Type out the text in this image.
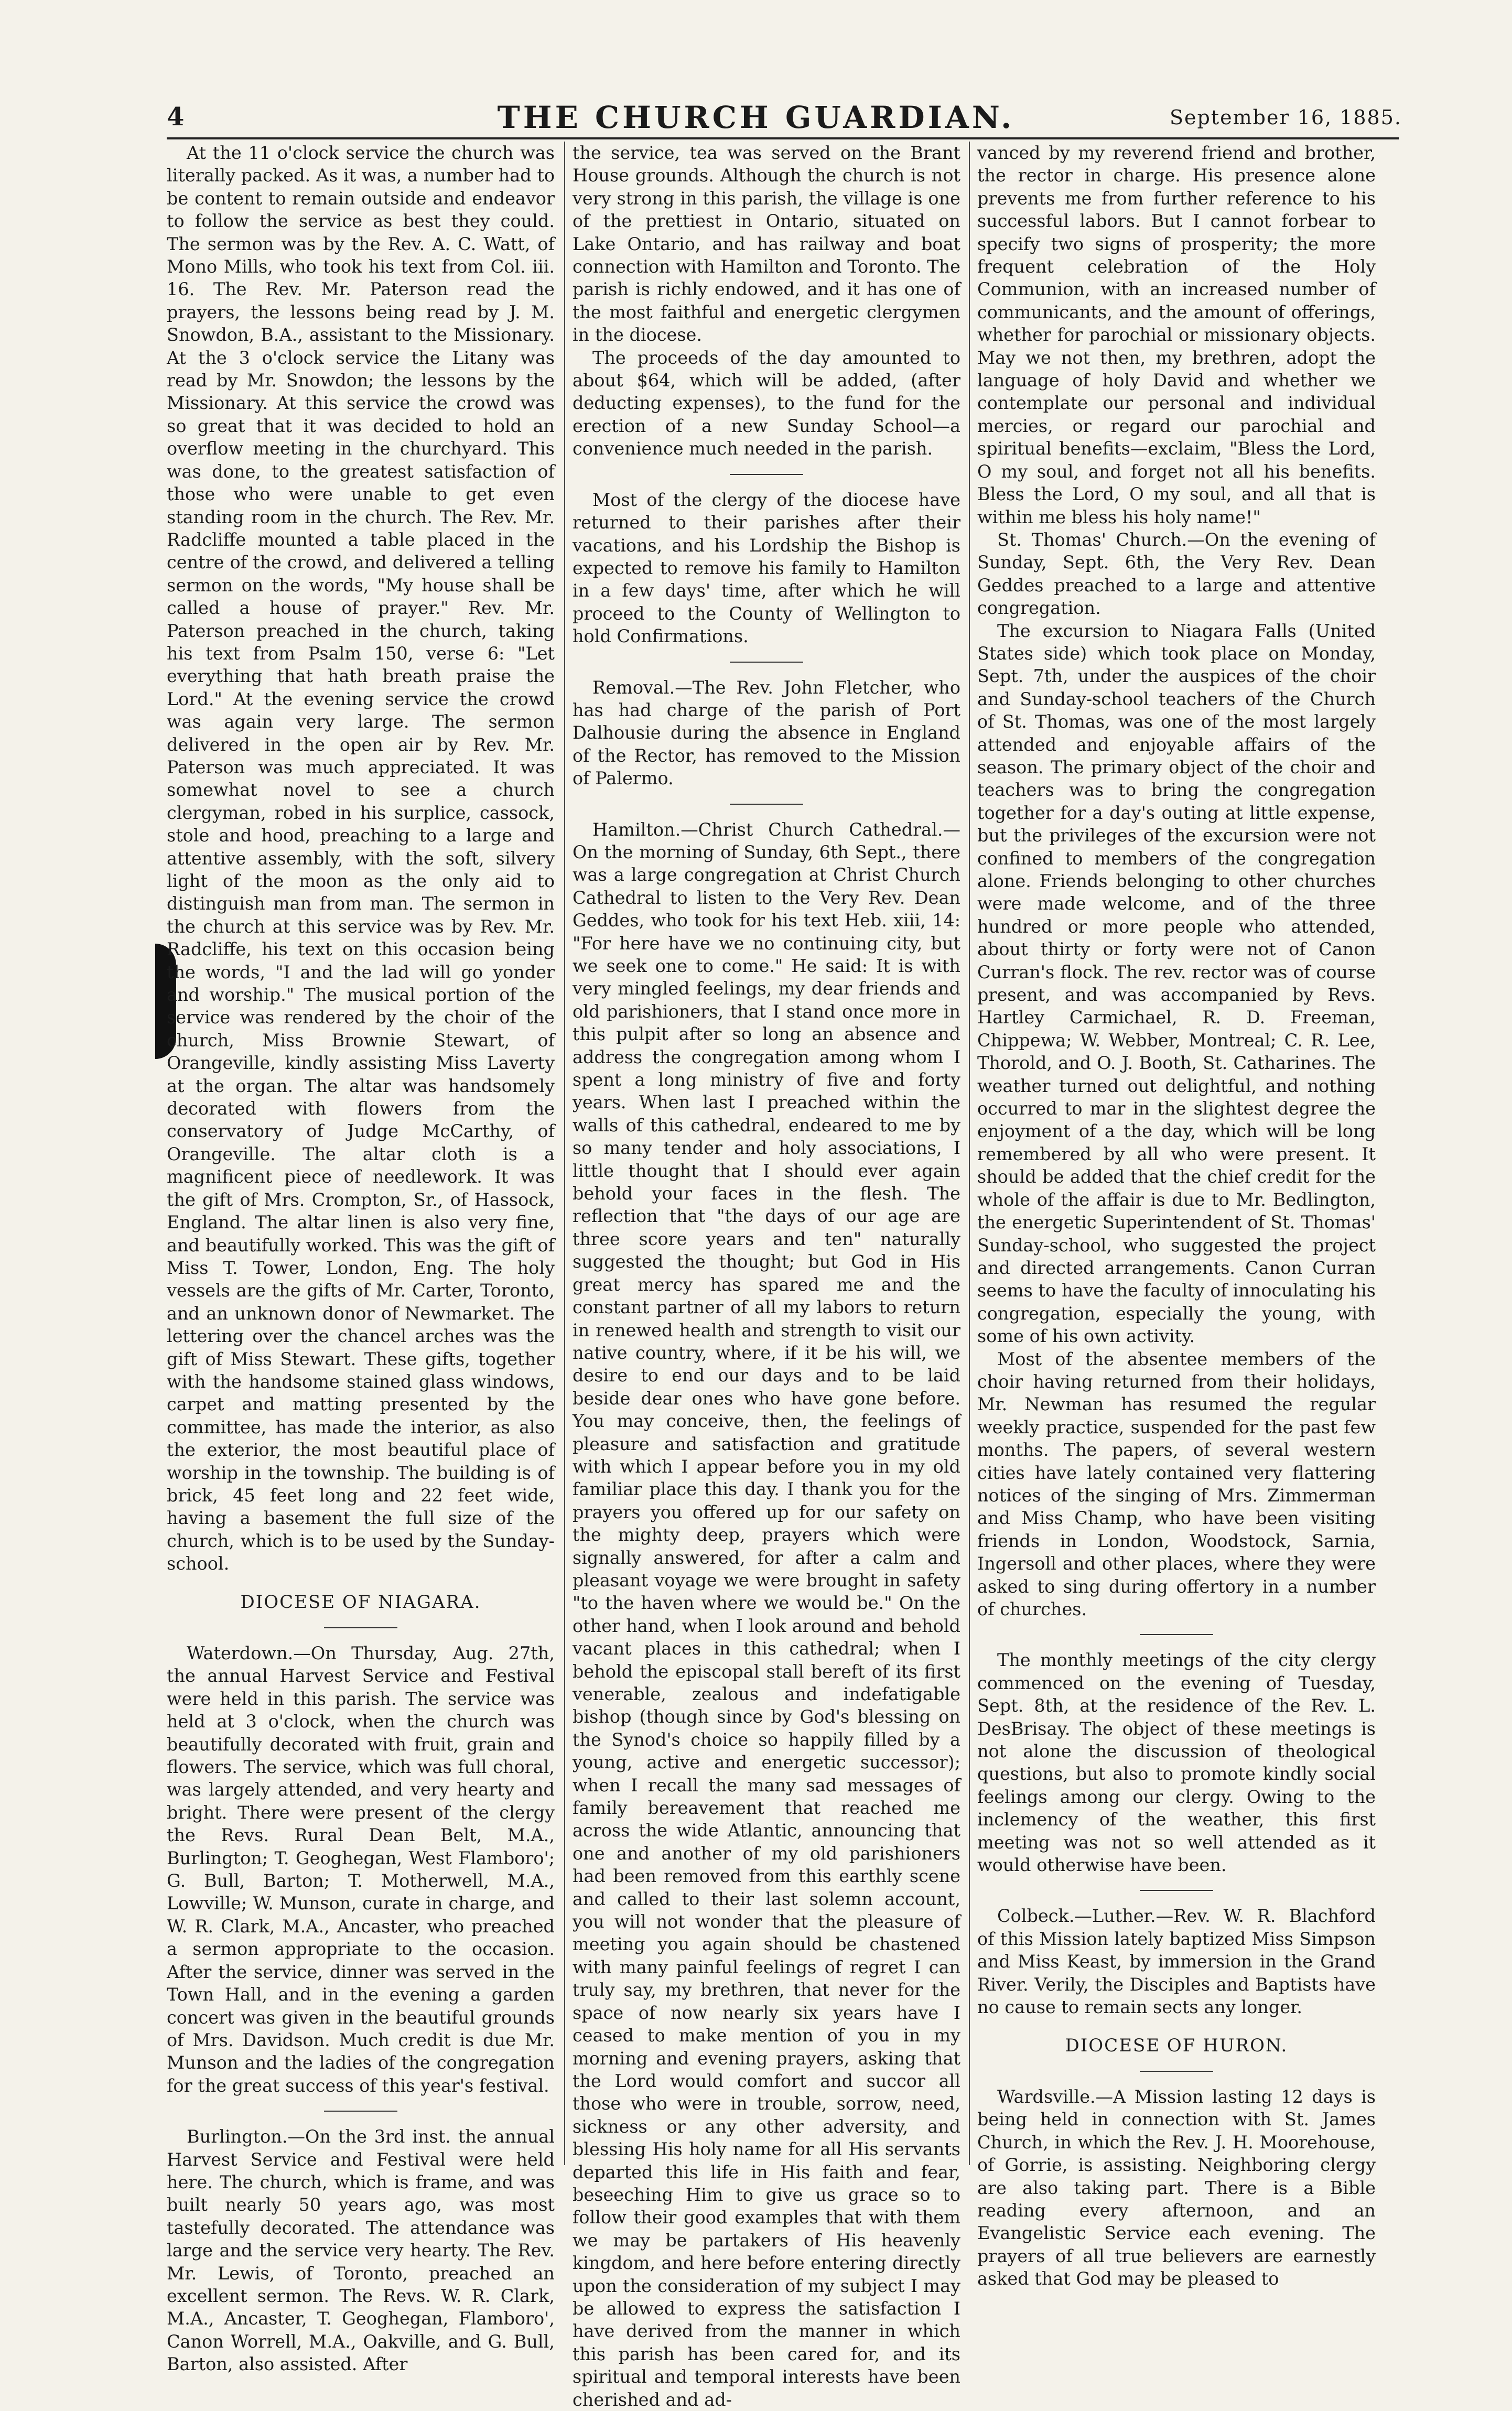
4	THE CHURCH GUARDIAN.	September 16, 1885.

At the 11 o'clock service the church was literally packed. As it was, a number had to be content to remain outside and endeavor to follow the service as best they could. The sermon was by the Rev. A. C. Watt, of Mono Mills, who took his text from Col. iii. 16. The Rev. Mr. Paterson read the prayers, the lessons being read by J. M. Snowdon, B.A., assistant to the Missionary. At the 3 o'clock service the Litany was read by Mr. Snowdon; the lessons by the Missionary. At this service the crowd was so great that it was decided to hold an overflow meeting in the churchyard. This was done, to the greatest satisfaction of those who were unable to get even standing room in the church. The Rev. Mr. Radcliffe mounted a table placed in the centre of the crowd, and delivered a telling sermon on the words, "My house shall be called a house of prayer." Rev. Mr. Paterson preached in the church, taking his text from Psalm 150, verse 6: "Let everything that hath breath praise the Lord." At the evening service the crowd was again very large. The sermon delivered in the open air by Rev. Mr. Paterson was much appreciated. It was somewhat novel to see a church clergyman, robed in his surplice, cassock, stole and hood, preaching to a large and attentive assembly, with the soft, silvery light of the moon as the only aid to distinguish man from man. The sermon in the church at this service was by Rev. Mr. Radcliffe, his text on this occasion being the words, "I and the lad will go yonder and worship." The musical portion of the service was rendered by the choir of the church, Miss Brownie Stewart, of Orangeville, kindly assisting Miss Laverty at the organ. The altar was handsomely decorated with flowers from the conservatory of Judge McCarthy, of Orangeville. The altar cloth is a magnificent piece of needlework. It was the gift of Mrs. Crompton, Sr., of Hassock, England. The altar linen is also very fine, and beautifully worked. This was the gift of Miss T. Tower, London, Eng. The holy vessels are the gifts of Mr. Carter, Toronto, and an unknown donor of Newmarket. The lettering over the chancel arches was the gift of Miss Stewart. These gifts, together with the handsome stained glass windows, carpet and matting presented by the committee, has made the interior, as also the exterior, the most beautiful place of worship in the township. The building is of brick, 45 feet long and 22 feet wide, having a basement the full size of the church, which is to be used by the Sunday-school.

DIOCESE OF NIAGARA.

Waterdown.—On Thursday, Aug. 27th, the annual Harvest Service and Festival were held in this parish. The service was held at 3 o'clock, when the church was beautifully decorated with fruit, grain and flowers. The service, which was full choral, was largely attended, and very hearty and bright. There were present of the clergy the Revs. Rural Dean Belt, M.A., Burlington; T. Geoghegan, West Flamboro'; G. Bull, Barton; T. Motherwell, M.A., Lowville; W. Munson, curate in charge, and W. R. Clark, M.A., Ancaster, who preached a sermon appropriate to the occasion. After the service, dinner was served in the Town Hall, and in the evening a garden concert was given in the beautiful grounds of Mrs. Davidson. Much credit is due Mr. Munson and the ladies of the congregation for the great success of this year's festival.

Burlington.—On the 3rd inst. the annual Harvest Service and Festival were held here. The church, which is frame, and was built nearly 50 years ago, was most tastefully decorated. The attendance was large and the service very hearty. The Rev. Mr. Lewis, of Toronto, preached an excellent sermon. The Revs. W. R. Clark, M.A., Ancaster, T. Geoghegan, Flamboro', Canon Worrell, M.A., Oakville, and G. Bull, Barton, also assisted. After

the service, tea was served on the Brant House grounds. Although the church is not very strong in this parish, the village is one of the prettiest in Ontario, situated on Lake Ontario, and has railway and boat connection with Hamilton and Toronto. The parish is richly endowed, and it has one of the most faithful and energetic clergymen in the diocese.

The proceeds of the day amounted to about $64, which will be added, (after deducting expenses), to the fund for the erection of a new Sunday School—a convenience much needed in the parish.

Most of the clergy of the diocese have returned to their parishes after their vacations, and his Lordship the Bishop is expected to remove his family to Hamilton in a few days' time, after which he will proceed to the County of Wellington to hold Confirmations.

Removal.—The Rev. John Fletcher, who has had charge of the parish of Port Dalhousie during the absence in England of the Rector, has removed to the Mission of Palermo.

Hamilton.—Christ Church Cathedral.—On the morning of Sunday, 6th Sept., there was a large congregation at Christ Church Cathedral to listen to the Very Rev. Dean Geddes, who took for his text Heb. xiii, 14: "For here have we no continuing city, but we seek one to come." He said: It is with very mingled feelings, my dear friends and old parishioners, that I stand once more in this pulpit after so long an absence and address the congregation among whom I spent a long ministry of five and forty years. When last I preached within the walls of this cathedral, endeared to me by so many tender and holy associations, I little thought that I should ever again behold your faces in the flesh. The reflection that "the days of our age are three score years and ten" naturally suggested the thought; but God in His great mercy has spared me and the constant partner of all my labors to return in renewed health and strength to visit our native country, where, if it be his will, we desire to end our days and to be laid beside dear ones who have gone before. You may conceive, then, the feelings of pleasure and satisfaction and gratitude with which I appear before you in my old familiar place this day. I thank you for the prayers you offered up for our safety on the mighty deep, prayers which were signally answered, for after a calm and pleasant voyage we were brought in safety "to the haven where we would be." On the other hand, when I look around and behold vacant places in this cathedral; when I behold the episcopal stall bereft of its first venerable, zealous and indefatigable bishop (though since by God's blessing on the Synod's choice so happily filled by a young, active and energetic successor); when I recall the many sad messages of family bereavement that reached me across the wide Atlantic, announcing that one and another of my old parishioners had been removed from this earthly scene and called to their last solemn account, you will not wonder that the pleasure of meeting you again should be chastened with many painful feelings of regret I can truly say, my brethren, that never for the space of now nearly six years have I ceased to make mention of you in my morning and evening prayers, asking that the Lord would comfort and succor all those who were in trouble, sorrow, need, sickness or any other adversity, and blessing His holy name for all His servants departed this life in His faith and fear, beseeching Him to give us grace so to follow their good examples that with them we may be partakers of His heavenly kingdom, and here before entering directly upon the consideration of my subject I may be allowed to express the satisfaction I have derived from the manner in which this parish has been cared for, and its spiritual and temporal interests have been cherished and ad-

vanced by my reverend friend and brother, the rector in charge. His presence alone prevents me from further reference to his successful labors. But I cannot forbear to specify two signs of prosperity; the more frequent celebration of the Holy Communion, with an increased number of communicants, and the amount of offerings, whether for parochial or missionary objects. May we not then, my brethren, adopt the language of holy David and whether we contemplate our personal and individual mercies, or regard our parochial and spiritual benefits—exclaim, "Bless the Lord, O my soul, and forget not all his benefits. Bless the Lord, O my soul, and all that is within me bless his holy name!"

St. Thomas' Church.—On the evening of Sunday, Sept. 6th, the Very Rev. Dean Geddes preached to a large and attentive congregation.

The excursion to Niagara Falls (United States side) which took place on Monday, Sept. 7th, under the auspices of the choir and Sunday-school teachers of the Church of St. Thomas, was one of the most largely attended and enjoyable affairs of the season. The primary object of the choir and teachers was to bring the congregation together for a day's outing at little expense, but the privileges of the excursion were not confined to members of the congregation alone. Friends belonging to other churches were made welcome, and of the three hundred or more people who attended, about thirty or forty were not of Canon Curran's flock. The rev. rector was of course present, and was accompanied by Revs. Hartley Carmichael, R. D. Freeman, Chippewa; W. Webber, Montreal; C. R. Lee, Thorold, and O. J. Booth, St. Catharines. The weather turned out delightful, and nothing occurred to mar in the slightest degree the enjoyment of a the day, which will be long remembered by all who were present. It should be added that the chief credit for the whole of the affair is due to Mr. Bedlington, the energetic Superintendent of St. Thomas' Sunday-school, who suggested the project and directed arrangements. Canon Curran seems to have the faculty of innoculating his congregation, especially the young, with some of his own activity.

Most of the absentee members of the choir having returned from their holidays, Mr. Newman has resumed the regular weekly practice, suspended for the past few months. The papers, of several western cities have lately contained very flattering notices of the singing of Mrs. Zimmerman and Miss Champ, who have been visiting friends in London, Woodstock, Sarnia, Ingersoll and other places, where they were asked to sing during offertory in a number of churches.

The monthly meetings of the city clergy commenced on the evening of Tuesday, Sept. 8th, at the residence of the Rev. L. DesBrisay. The object of these meetings is not alone the discussion of theological questions, but also to promote kindly social feelings among our clergy. Owing to the inclemency of the weather, this first meeting was not so well attended as it would otherwise have been.

Colbeck.—Luther.—Rev. W. R. Blachford of this Mission lately baptized Miss Simpson and Miss Keast, by immersion in the Grand River. Verily, the Disciples and Baptists have no cause to remain sects any longer.

DIOCESE OF HURON.

Wardsville.—A Mission lasting 12 days is being held in connection with St. James Church, in which the Rev. J. H. Moorehouse, of Gorrie, is assisting. Neighboring clergy are also taking part. There is a Bible reading every afternoon, and an Evangelistic Service each evening. The prayers of all true believers are earnestly asked that God may be pleased to
